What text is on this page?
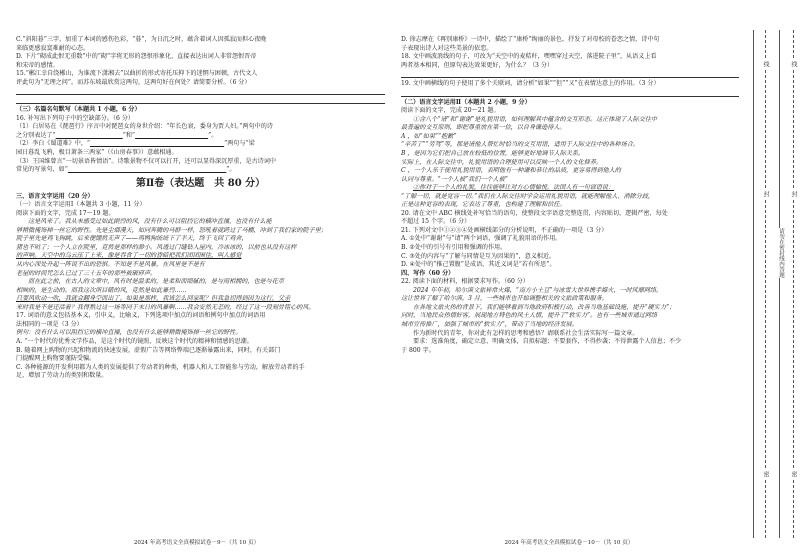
C.“斜阳暮”三字，加重了本词的感伤色彩，“暮”，为日沉之时，蕴含着词人因孤寂而担心夜晚

来临更感寂寞难耐的心态。

D. 下片“砌成此恨无重数”中的“砌”字将无形的怨恨形象化，直接表达出词人非常怨恨晋帝

和宋帝的感情。

15.“郴江幸自绕郴山，为谁流下潇湘去”以曲折的形式寄托压抑下的迷惘与困顿，古代文人

评此句为“无理之问”。而苏东坡最欣赏这两句，这两句好在何处？请简要分析。（6 分）

（三）名篇名句默写（本题共 1 小题，6 分）

16. 补写出下列句子中的空缺部分。（6 分）

（1）白居易在《琵琶行》序言中对琵琶女的身世介绍：“年长色衰，委身为贾人妇。”两句中的诗

之分别表达了“　　　　　　　　　　　	”和“　　　　　　　　　　　　	”。

（2）李白《蜀道难》中，“　　　　　　　　　　　　　　　　　　　　　　	”两句与“梁

园日暮乱飞鸦，极目萧条三两家”（《山房春事》）意蕴相通。

（3）王国维曾言“一切景语皆情语”。诗歌景物不仅可以打开，还可以显得深沉厚重，是古诗词中

常见的写景句，如“　　　　　　　　　　　　　　　　　　　　　　　　　　	”。

第Ⅱ卷（表达题　共 80 分）

三、语言文字运用（20 分）

（一）语言文字运用Ⅰ（本题共 3 小题，11 分）

阅读下面的文字，完成 17～19 题。

这是风来了。我从未感受过如此剧烈的风，没有什么可以阻挡它的横冲直撞，也没有什么能

够稍微掩饰掉一丝它的野性。先是尘烟漫天，如同奔腾的马群一样，怒吼着就跨过了马棚，冲到了我们家的院子里；

院子里先是鸡飞狗跳，后来便绷然无声了——鸡鸭狗统统下了半天，终于飞回了鸡舍，

猪也不吭了；一个人立在院里，竟然是那样的渺小。风透过门缝钻入屋内，冷冰冰的，以前也从没有这样

的声响。天空中的乌云压了上来，像是吞食了一切的昏暗把我们团团围住，叫人感觉

从内心深处升起一阵说不出的恐惧。不知是不是风暴，在风里是不是有

老屋的时间咒怎么已过了三十五年的那些被破碎声。

而在此之前，在古人的文章中，风有时是温柔的，是柔和而细腻的，是与雨相拥的，也是与花草

相映的，是生动的。而我这次所目睹的风，竟然是如此暴烈……

只要风吹动一吹，我就会翻身空而出了。如果是那样，我该怎么回家呢？但我急切得到因为这行，父亲

来时我是不是还活着？我得熬过这一场等同于末日的风暴啊……我会安然无恙的，经过了这一段刻骨铭心的风。

17. 词语的意义包括基本义，引申义，比喻义，下列选项中加点的词语和例句中加点的词语用

法相同的一项是（3 分）

例句：没有什么可以阻挡它的横冲直撞，也没有什么能够稍微掩饰掉一丝它的野性。

A. “一个时代的优秀文学作品，是这个时代的镜照，反映这个时代的精神和情感的思潮。

B. 随着网上购物的兴起和物流的快速发展，虚假广告等网络弊端已逐渐暴露出来，同时，有关部门

门提醒网上购物要谨防受骗。

C. 各种能源的开发利用都为人类的发展提供了劳动者的种类，机器人和人工智能参与劳动，解放劳动者的手

足，增加了劳动力的类别和数量。

2024 年高考语文全真模拟试卷－9－（共 10 页）

D. 徐志摩在《再别康桥》一诗中，描绘了“康桥”绚丽的景色，抒发了对母校的眷恋之情，诗中句

子表现出诗人对这些美景的依恋。

18. 文中画波浪线的句子，可改为“天空中的麦秸秆，嘿嘿穿过天空，落进院子里”，从语义上看

两者基本相同，但原句表达效果更好，为什么？（3 分）

19. 文中画横线的句子使用了多个关联词，请分析“如果”“但”“又”在表情达意上的作用。（3 分）

（二）语言文字运用Ⅱ（本题共 2 小题，9 分）

阅读下面的文字，完成 20～21 题。

①含八个“请”和“谢谢”是礼貌用语，如何理解其中蕴含的交互形态。这正体现了人际交往中

最普遍的交互原则，即把尊重放在第一位，以自身谦逊待人。

A ，如“如果”“抱歉”

“辛苦了”“劳驾”等，都是请他人帮忙时恰当的交互用语，适用于人际交往中的各种场合。

B ，是因为它们把自己放在较低的位置，能够更好地调节人际关系。

实际上，在人际交往中，礼貌用语的合理使用可以反映一个人的文化修养。

C ，一个人乐于使用礼貌用语，表明他有一种谦和恭让的品质，更容易得到他人的

认同与尊重。“一个人被”我们一个人被”

②你对于一个人的礼貌，往往能够让对方心情愉悦。法国人有一句谚语说：

“了解一切，就是宽容一切。”我们在人际交往时学会运用礼貌用语，就能理解他人、消除分歧，

正是这种宽容的表现，它表达了尊重，也构建了理解和信任。

20. 请在文中 ABC 横线处补写恰当的语句，使整段文字语意完整连贯，内容贴切，逻辑严密，每处

不超过 15 个字。（6 分）

21. 下列对文中①②③④处画横线部分的分析说明，不正确的一项是（3 分）

A. ①处中“谢谢”与“请”两个词语，强调了礼貌用语的作用。

B. ②处中的引号有引用和强调的作用。

C. ③处的内容与“了解与同情是互为因果的”，意义相近。

D. ④处中的“推己置腹”是成语，其近义词是“若有所思”。

四、写作（60 分）

22. 阅读下面的材料，根据要求写作。（60 分）

2024 年年初，哈尔滨文旅异常火爆，“南方小土豆”与冰雪大世界携手爆火，一时风靡网络。

这让世界了解了哈尔滨。3 月，一些城市也开始调整相关的文旅政策和服务。

在各地文旅火热的背景下，我们能够看到当地政府积极行动，改善当地基础设施，提升“硬实力”；

同时，当地民众热情好客，展现地方特色的风土人情，提升了“软实力”。也有一些城市通过网络

城市宣传推广，加强了城市的“软实力”，带动了当地的经济发展。

作为新时代的青年，你对此有怎样的思考和感悟？请联系社会生活实际写一篇文章。

要求：选准角度，确定立意，明确文体，自拟标题；不要套作，不得抄袭；不得泄露个人信息；不少

于 800 字。

2024 年高考语文全真模拟试卷－10－（共 10 页）
线
封
密
线
封
密
请勿在密封线内答题
